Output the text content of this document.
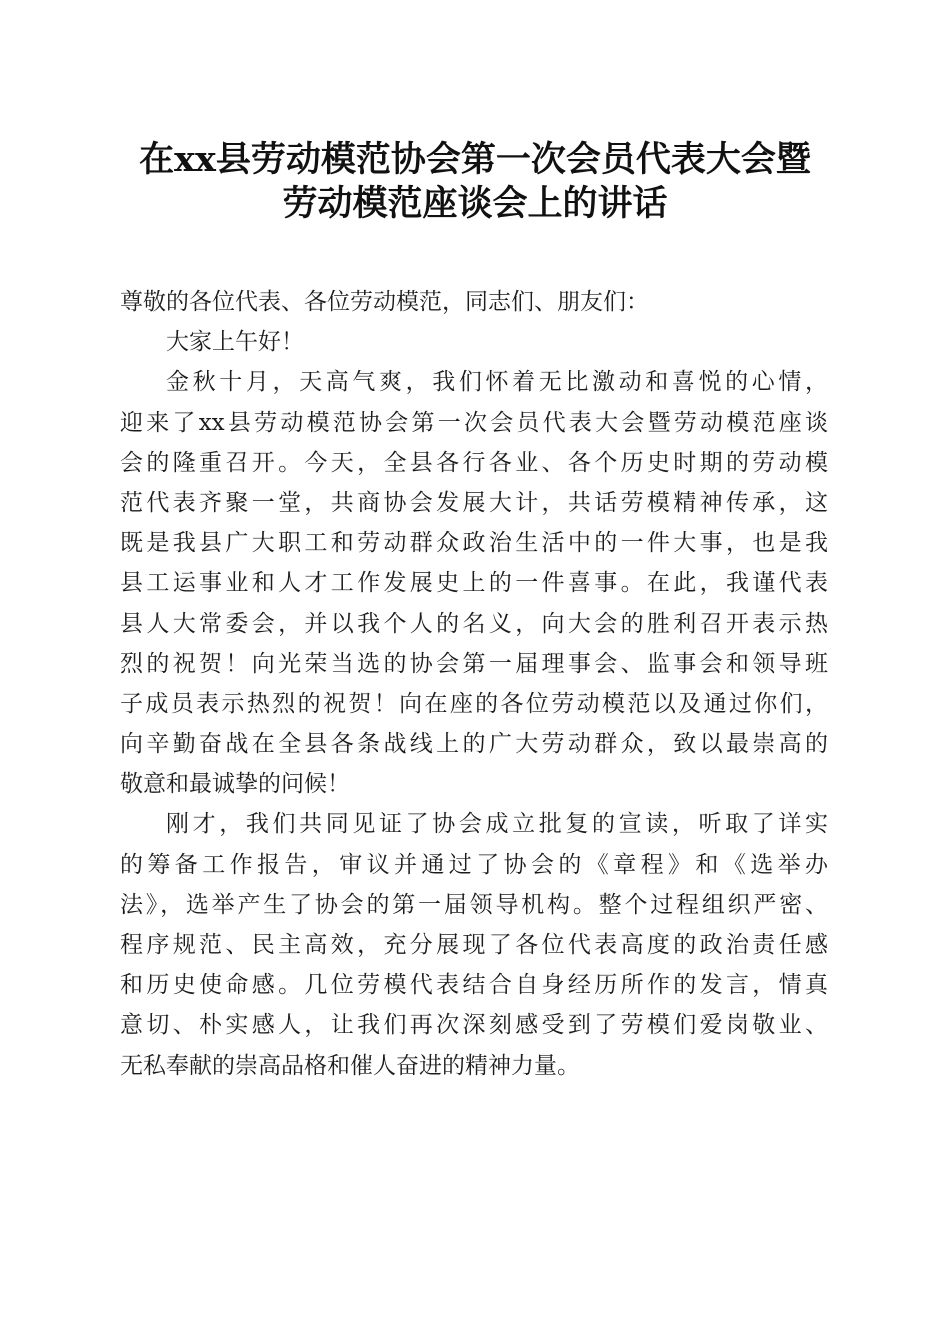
在xx县劳动模范协会第一次会员代表大会暨
劳动模范座谈会上的讲话
尊敬的各位代表、各位劳动模范，同志们、朋友们：
大家上午好！
金秋十月，天高气爽，我们怀着无比激动和喜悦的心情，
迎来了xx县劳动模范协会第一次会员代表大会暨劳动模范座谈
会的隆重召开。今天，全县各行各业、各个历史时期的劳动模
范代表齐聚一堂，共商协会发展大计，共话劳模精神传承，这
既是我县广大职工和劳动群众政治生活中的一件大事，也是我
县工运事业和人才工作发展史上的一件喜事。在此，我谨代表
县人大常委会，并以我个人的名义，向大会的胜利召开表示热
烈的祝贺！向光荣当选的协会第一届理事会、监事会和领导班
子成员表示热烈的祝贺！向在座的各位劳动模范以及通过你们，
向辛勤奋战在全县各条战线上的广大劳动群众，致以最崇高的
敬意和最诚挚的问候！
刚才，我们共同见证了协会成立批复的宣读，听取了详实
的筹备工作报告，审议并通过了协会的《章程》和《选举办
法》，选举产生了协会的第一届领导机构。整个过程组织严密、
程序规范、民主高效，充分展现了各位代表高度的政治责任感
和历史使命感。几位劳模代表结合自身经历所作的发言，情真
意切、朴实感人，让我们再次深刻感受到了劳模们爱岗敬业、
无私奉献的崇高品格和催人奋进的精神力量。
